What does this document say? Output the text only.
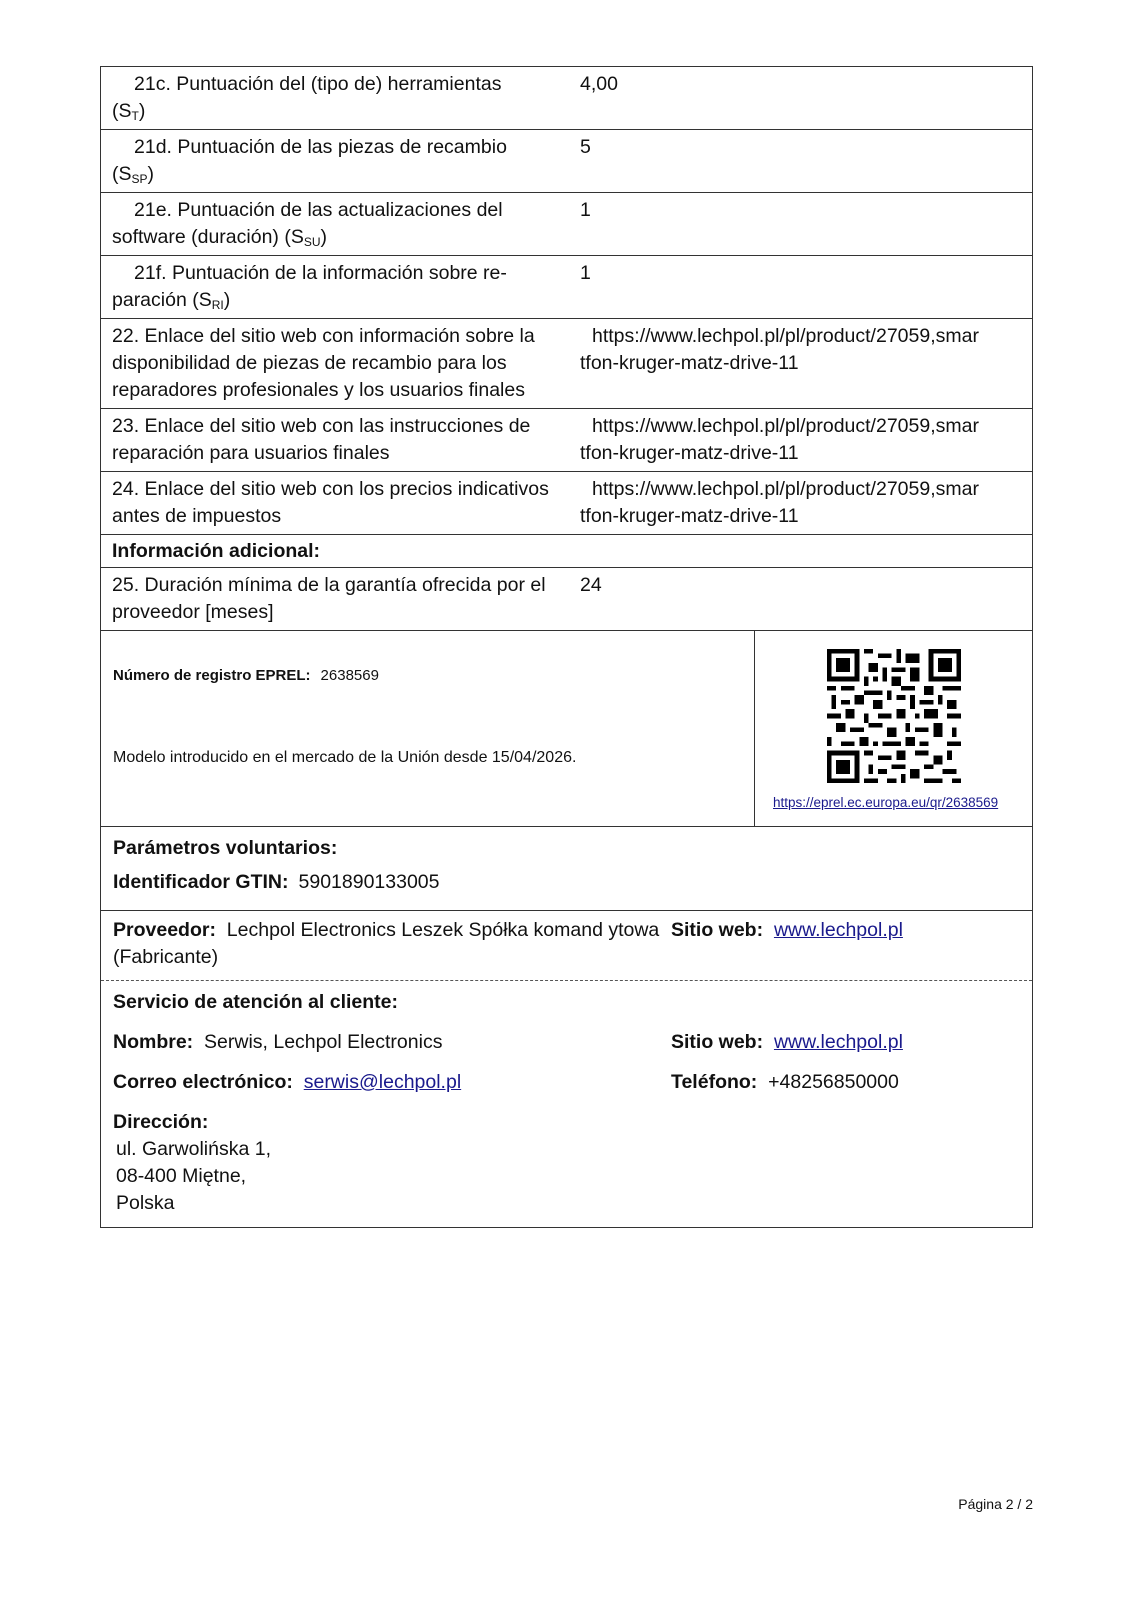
21c. Puntuación del (tipo de) herramientas
$(S_T)$
4,00
21d. Puntuación de las piezas de recambio
$(S_{SP})$
5
21e. Puntuación de las actualizaciones del
software (duración) $(S_{SU})$
1
21f. Puntuación de la información sobre re-
paración $(S_{RI})$
1
22. Enlace del sitio web con información sobre la disponibilidad de piezas de recambio para los reparadores profesionales y los usuarios finales
https://www.lechpol.pl/pl/product/27059,smar
tfon-kruger-matz-drive-11
23. Enlace del sitio web con las instrucciones de reparación para usuarios finales
https://www.lechpol.pl/pl/product/27059,smar
tfon-kruger-matz-drive-11
24. Enlace del sitio web con los precios indicativos antes de impuestos
https://www.lechpol.pl/pl/product/27059,smar
tfon-kruger-matz-drive-11
Información adicional:
25. Duración mínima de la garantía ofrecida por el proveedor [meses]
24
Número de registro EPREL: 2638569
Modelo introducido en el mercado de la Unión desde 15/04/2026.
https://eprel.ec.europa.eu/qr/2638569
Parámetros voluntarios:
Identificador GTIN: 5901890133005
Proveedor: Lechpol Electronics Leszek Spółka komand ytowa (Fabricante)
Sitio web: www.lechpol.pl
Servicio de atención al cliente:
Nombre: Serwis, Lechpol Electronics	Sitio web: www.lechpol.pl
Correo electrónico: serwis@lechpol.pl	Teléfono: +48256850000
Dirección:
ul. Garwolińska 1,
08-400 Miętne,
Polska
Página 2 / 2
